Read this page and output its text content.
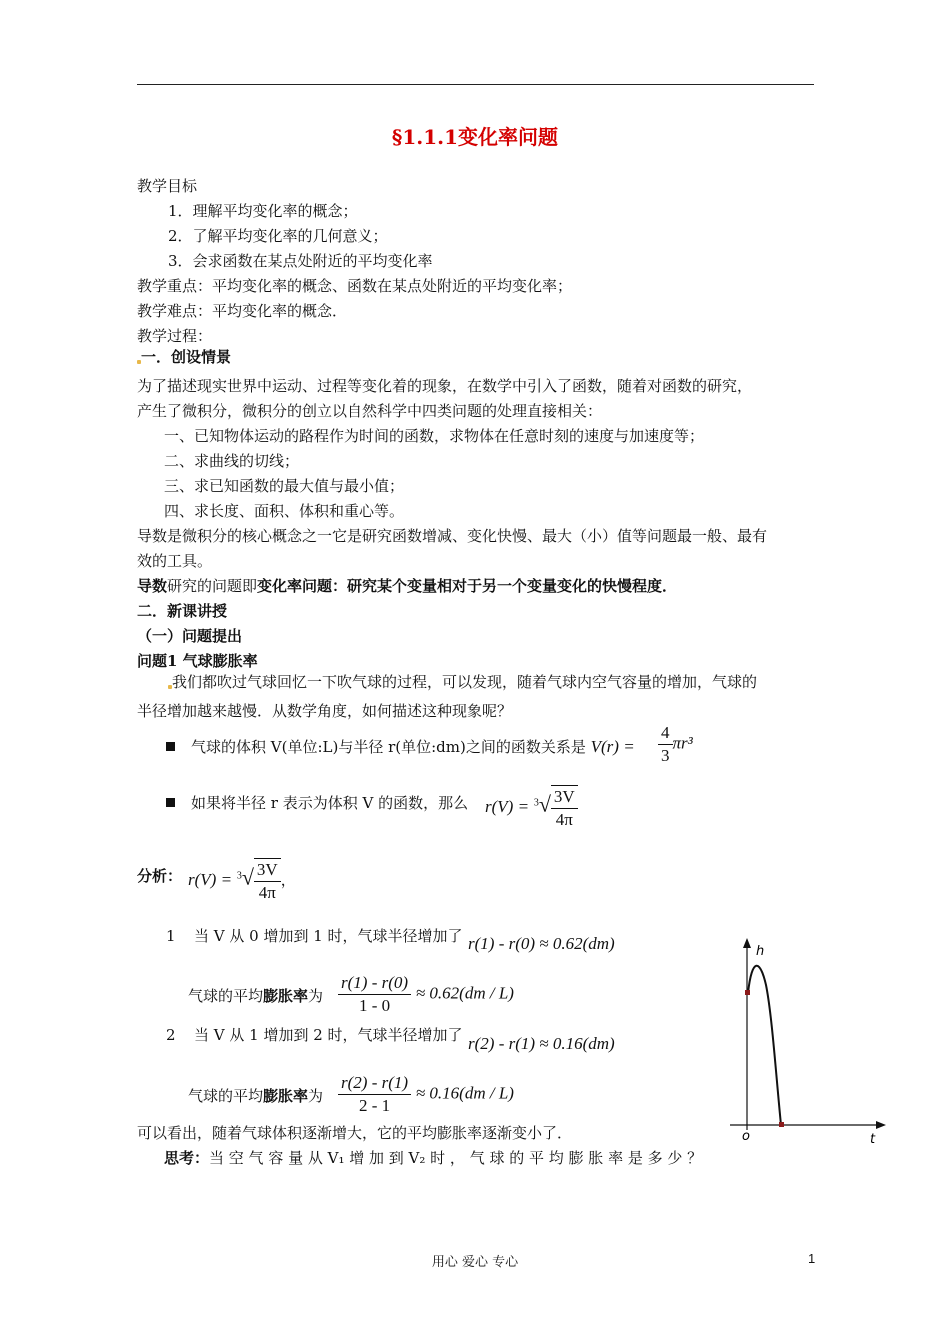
§1.1.1变化率问题
教学目标
1．理解平均变化率的概念；
2．了解平均变化率的几何意义；
3．会求函数在某点处附近的平均变化率
教学重点：平均变化率的概念、函数在某点处附近的平均变化率；
教学难点：平均变化率的概念．
教学过程：
一．创设情景
为了描述现实世界中运动、过程等变化着的现象，在数学中引入了函数，随着对函数的研究，
产生了微积分，微积分的创立以自然科学中四类问题的处理直接相关：
一、已知物体运动的路程作为时间的函数，求物体在任意时刻的速度与加速度等；
二、求曲线的切线；
三、求已知函数的最大值与最小值；
四、求长度、面积、体积和重心等。
导数是微积分的核心概念之一它是研究函数增减、变化快慢、最大（小）值等问题最一般、最有
效的工具。
导数研究的问题即变化率问题：研究某个变量相对于另一个变量变化的快慢程度．
二．新课讲授
（一）问题提出
问题1 气球膨胀率
我们都吹过气球回忆一下吹气球的过程，可以发现，随着气球内空气容量的增加，气球的
半径增加越来越慢．从数学角度，如何描述这种现象呢？
气球的体积 V(单位:L)与半径 r(单位:dm)之间的函数关系是 $V(r) = \frac{4}{3} \pi r^3$
如果将半径 r 表示为体积 V 的函数，那么 $r(V) = ^3√ \frac{3V}{4\pi}$
分析： $r(V) = ^3√ \frac{3V}{4\pi}$ ，
1 当 V 从 0 增加到 1 时，气球半径增加了 r(1) - r(0) ≈ 0.62(dm)
气球的平均膨胀率为 $\frac{r(1) - r(0)}{1 - 0} \approx 0.62(dm / L)$
2 当 V 从 1 增加到 2 时，气球半径增加了 r(2) - r(1) ≈ 0.16(dm)
气球的平均膨胀率为 $\frac{r(2) - r(1)}{2 - 1} \approx 0.16(dm / L)$
可以看出，随着气球体积逐渐增大，它的平均膨胀率逐渐变小了．
思考：当 空 气 容 量 从 V₁ 增 加 到 V₂ 时 ， 气 球 的 平 均 膨 胀 率 是 多 少 ？
h
t
o
用心 爱心 专心	1
